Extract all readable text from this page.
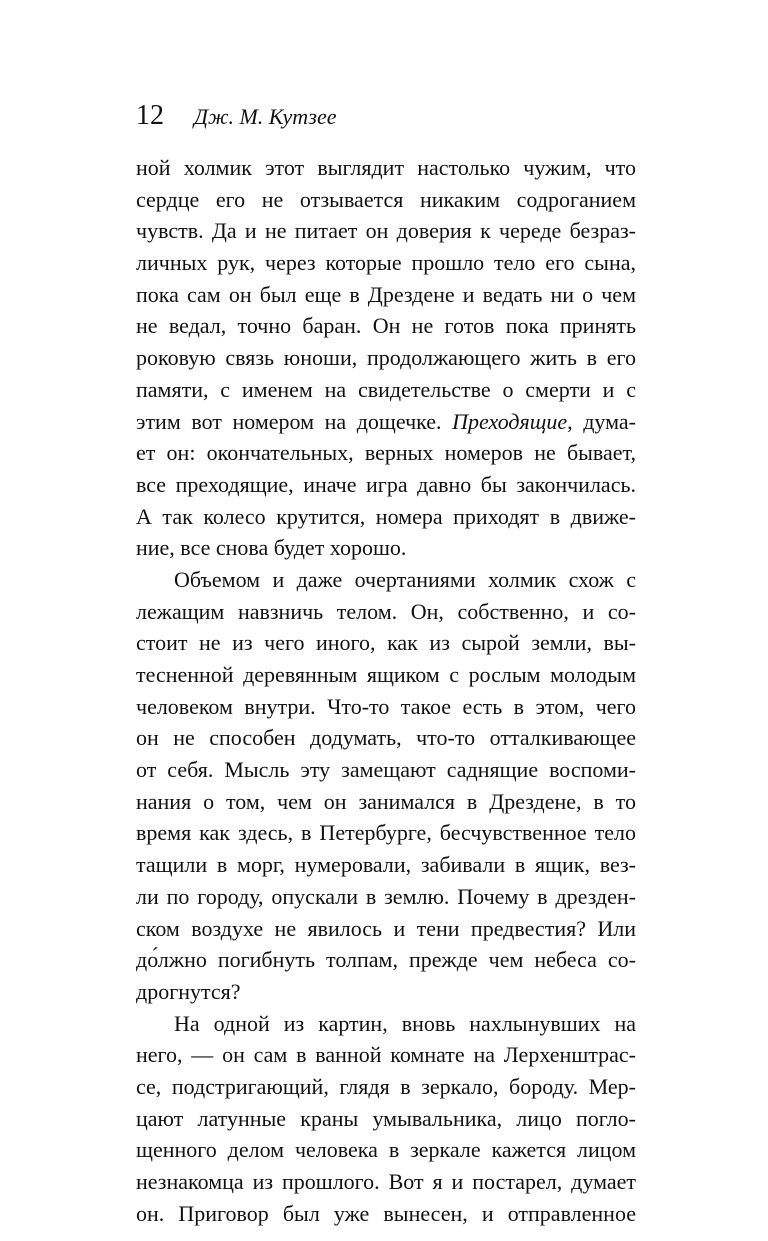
12 Дж. М. Кутзее
ной холмик этот выглядит настолько чужим, что
сердце его не отзывается никаким содроганием
чувств. Да и не питает он доверия к череде безраз-
личных рук, через которые прошло тело его сына,
пока сам он был еще в Дрездене и ведать ни о чем
не ведал, точно баран. Он не готов пока принять
роковую связь юноши, продолжающего жить в его
памяти, с именем на свидетельстве о смерти и с
этим вот номером на дощечке. Преходящие, дума-
ет он: окончательных, верных номеров не бывает,
все преходящие, иначе игра давно бы закончилась.
А так колесо крутится, номера приходят в движе-
ние, все снова будет хорошо.
Объемом и даже очертаниями холмик схож с
лежащим навзничь телом. Он, собственно, и со-
стоит не из чего иного, как из сырой земли, вы-
тесненной деревянным ящиком с рослым молодым
человеком внутри. Что-то такое есть в этом, чего
он не способен додумать, что-то отталкивающее
от себя. Мысль эту замещают саднящие воспоми-
нания о том, чем он занимался в Дрездене, в то
время как здесь, в Петербурге, бесчувственное тело
тащили в морг, нумеровали, забивали в ящик, вез-
ли по городу, опускали в землю. Почему в дрезден-
ском воздухе не явилось и тени предвестия? Или
до́лжно погибнуть толпам, прежде чем небеса со-
дрогнутся?
На одной из картин, вновь нахлынувших на
него, — он сам в ванной комнате на Лерхенштрас-
се, подстригающий, глядя в зеркало, бороду. Мер-
цают латунные краны умывальника, лицо погло-
щенного делом человека в зеркале кажется лицом
незнакомца из прошлого. Вот я и постарел, думает
он. Приговор был уже вынесен, и отправленное
